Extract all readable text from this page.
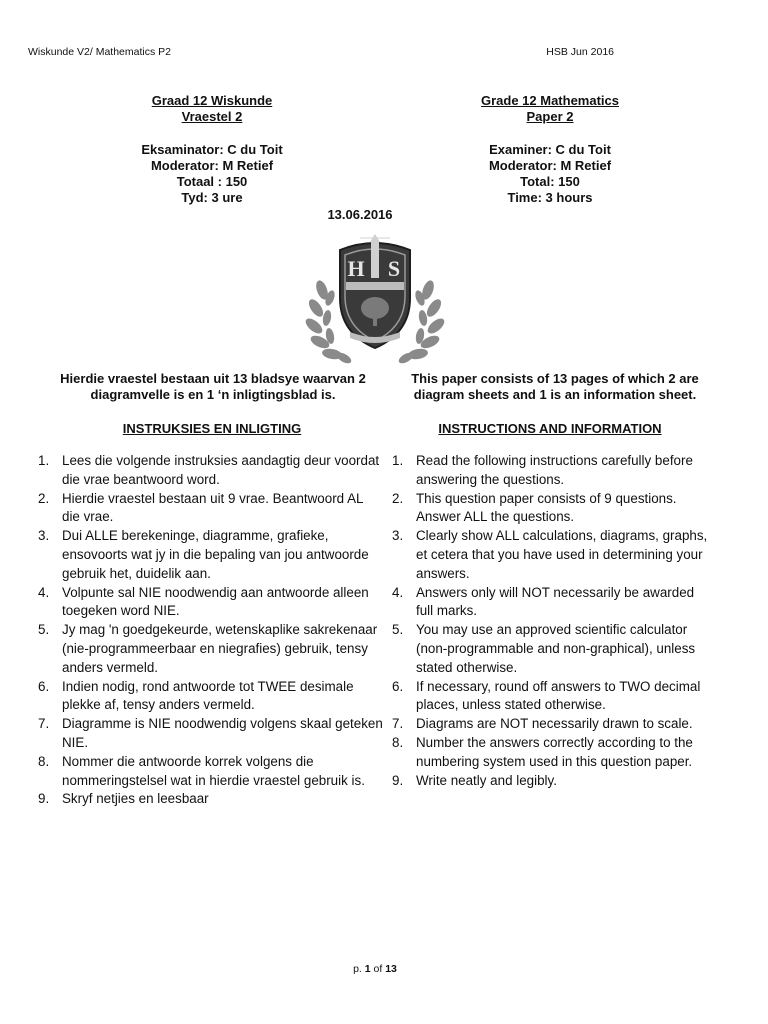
Wiskunde V2/ Mathematics P2	HSB Jun 2016
Graad 12 Wiskunde
Vraestel 2
Eksaminator: C du Toit
Moderator: M Retief
Totaal : 150
Tyd: 3 ure
Grade 12 Mathematics
Paper 2
Examiner: C du Toit
Moderator: M Retief
Total: 150
Time: 3 hours
13.06.2016
H S
Hierdie vraestel bestaan uit 13 bladsye waarvan 2 diagramvelle is en 1 ‘n inligtingsblad is.
This paper consists of 13 pages of which 2 are diagram sheets and 1 is an information sheet.
INSTRUKSIES EN INLIGTING	INSTRUCTIONS AND INFORMATION
1. Lees die volgende instruksies aandagtig deur voordat die vrae beantwoord word.
2. Hierdie vraestel bestaan uit 9 vrae. Beantwoord AL die vrae.
3. Dui ALLE berekeninge, diagramme, grafieke, ensovoorts wat jy in die bepaling van jou antwoorde gebruik het, duidelik aan.
4. Volpunte sal NIE noodwendig aan antwoorde alleen toegeken word NIE.
5. Jy mag 'n goedgekeurde, wetenskaplike sakrekenaar (nie-programmeerbaar en niegrafies) gebruik, tensy anders vermeld.
6. Indien nodig, rond antwoorde tot TWEE desimale plekke af, tensy anders vermeld.
7. Diagramme is NIE noodwendig volgens skaal geteken NIE.
8. Nommer die antwoorde korrek volgens die nommeringstelsel wat in hierdie vraestel gebruik is.
9. Skryf netjies en leesbaar
1. Read the following instructions carefully before answering the questions.
2. This question paper consists of 9 questions. Answer ALL the questions.
3. Clearly show ALL calculations, diagrams, graphs, et cetera that you have used in determining your answers.
4. Answers only will NOT necessarily be awarded full marks.
5. You may use an approved scientific calculator (non-programmable and non-graphical), unless stated otherwise.
6. If necessary, round off answers to TWO decimal places, unless stated otherwise.
7. Diagrams are NOT necessarily drawn to scale.
8. Number the answers correctly according to the numbering system used in this question paper.
9. Write neatly and legibly.
p. 1 of 13
